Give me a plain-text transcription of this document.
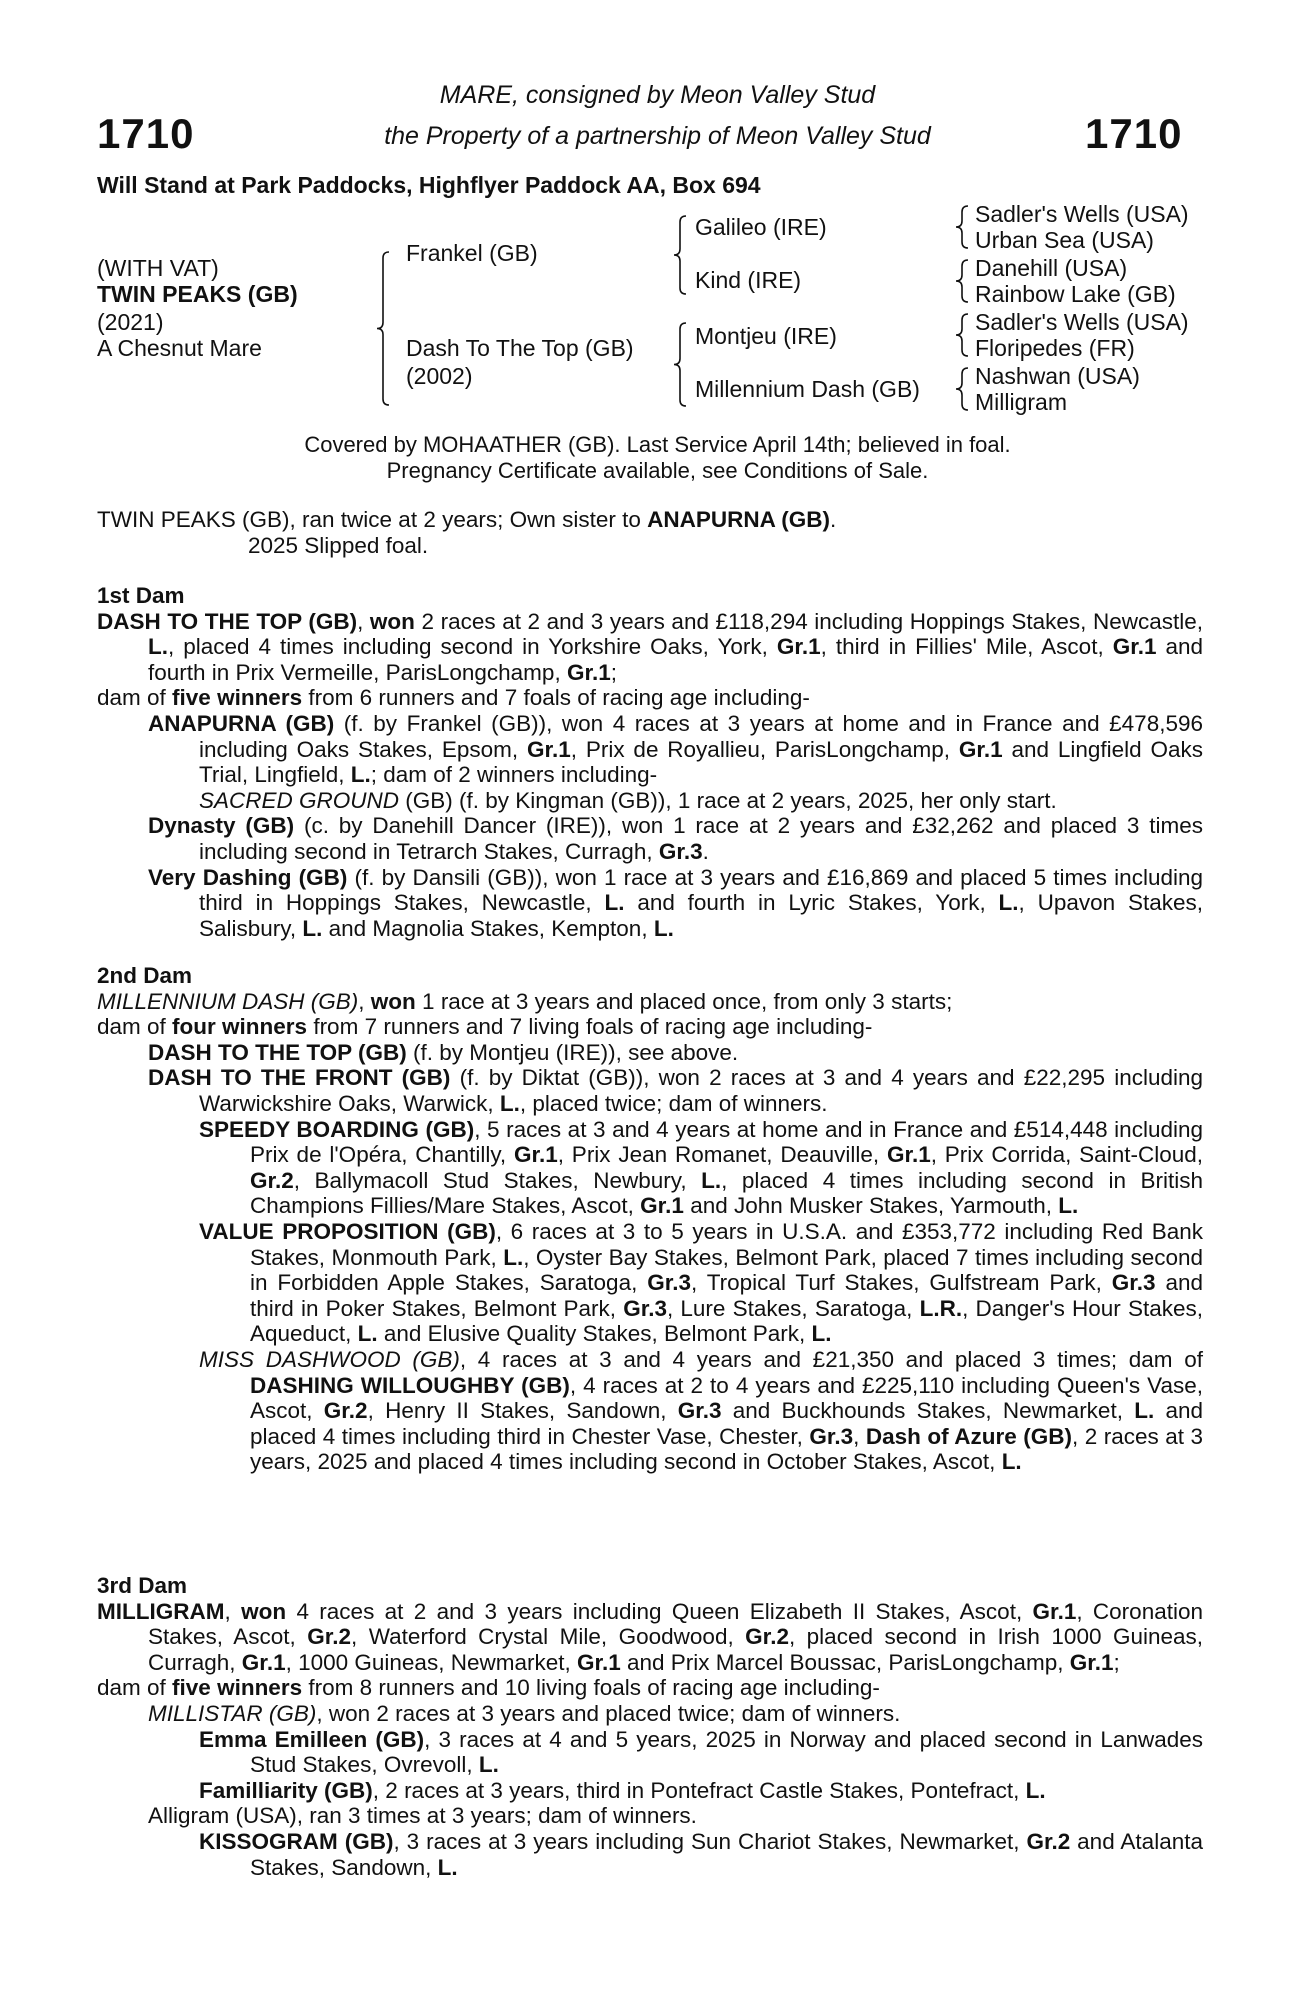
MARE, consigned by Meon Valley Stud
the Property of a partnership of Meon Valley Stud
1710	1710
Will Stand at Park Paddocks, Highflyer Paddock AA, Box 694
(WITH VAT)
TWIN PEAKS (GB)
(2021)
A Chesnut Mare
Frankel (GB)
Dash To The Top (GB)
(2002)
Galileo (IRE)
Kind (IRE)
Montjeu (IRE)
Millennium Dash (GB)
Sadler's Wells (USA)
Urban Sea (USA)
Danehill (USA)
Rainbow Lake (GB)
Sadler's Wells (USA)
Floripedes (FR)
Nashwan (USA)
Milligram
Covered by MOHAATHER (GB). Last Service April 14th; believed in foal.
Pregnancy Certificate available, see Conditions of Sale.
TWIN PEAKS (GB), ran twice at 2 years; Own sister to ANAPURNA (GB).
2025 Slipped foal.
1st Dam
DASH TO THE TOP (GB), won 2 races at 2 and 3 years and £118,294 including Hoppings Stakes, Newcastle, L., placed 4 times including second in Yorkshire Oaks, York, Gr.1, third in Fillies' Mile, Ascot, Gr.1 and fourth in Prix Vermeille, ParisLongchamp, Gr.1;
dam of five winners from 6 runners and 7 foals of racing age including-
ANAPURNA (GB) (f. by Frankel (GB)), won 4 races at 3 years at home and in France and £478,596 including Oaks Stakes, Epsom, Gr.1, Prix de Royallieu, ParisLongchamp, Gr.1 and Lingfield Oaks Trial, Lingfield, L.; dam of 2 winners including-
SACRED GROUND (GB) (f. by Kingman (GB)), 1 race at 2 years, 2025, her only start.
Dynasty (GB) (c. by Danehill Dancer (IRE)), won 1 race at 2 years and £32,262 and placed 3 times including second in Tetrarch Stakes, Curragh, Gr.3.
Very Dashing (GB) (f. by Dansili (GB)), won 1 race at 3 years and £16,869 and placed 5 times including third in Hoppings Stakes, Newcastle, L. and fourth in Lyric Stakes, York, L., Upavon Stakes, Salisbury, L. and Magnolia Stakes, Kempton, L.
2nd Dam
MILLENNIUM DASH (GB), won 1 race at 3 years and placed once, from only 3 starts;
dam of four winners from 7 runners and 7 living foals of racing age including-
DASH TO THE TOP (GB) (f. by Montjeu (IRE)), see above.
DASH TO THE FRONT (GB) (f. by Diktat (GB)), won 2 races at 3 and 4 years and £22,295 including Warwickshire Oaks, Warwick, L., placed twice; dam of winners.
SPEEDY BOARDING (GB), 5 races at 3 and 4 years at home and in France and £514,448 including Prix de l'Opéra, Chantilly, Gr.1, Prix Jean Romanet, Deauville, Gr.1, Prix Corrida, Saint-Cloud, Gr.2, Ballymacoll Stud Stakes, Newbury, L., placed 4 times including second in British Champions Fillies/Mare Stakes, Ascot, Gr.1 and John Musker Stakes, Yarmouth, L.
VALUE PROPOSITION (GB), 6 races at 3 to 5 years in U.S.A. and £353,772 including Red Bank Stakes, Monmouth Park, L., Oyster Bay Stakes, Belmont Park, placed 7 times including second in Forbidden Apple Stakes, Saratoga, Gr.3, Tropical Turf Stakes, Gulfstream Park, Gr.3 and third in Poker Stakes, Belmont Park, Gr.3, Lure Stakes, Saratoga, L.R., Danger's Hour Stakes, Aqueduct, L. and Elusive Quality Stakes, Belmont Park, L.
MISS DASHWOOD (GB), 4 races at 3 and 4 years and £21,350 and placed 3 times; dam of DASHING WILLOUGHBY (GB), 4 races at 2 to 4 years and £225,110 including Queen's Vase, Ascot, Gr.2, Henry II Stakes, Sandown, Gr.3 and Buckhounds Stakes, Newmarket, L. and placed 4 times including third in Chester Vase, Chester, Gr.3, Dash of Azure (GB), 2 races at 3 years, 2025 and placed 4 times including second in October Stakes, Ascot, L.
3rd Dam
MILLIGRAM, won 4 races at 2 and 3 years including Queen Elizabeth II Stakes, Ascot, Gr.1, Coronation Stakes, Ascot, Gr.2, Waterford Crystal Mile, Goodwood, Gr.2, placed second in Irish 1000 Guineas, Curragh, Gr.1, 1000 Guineas, Newmarket, Gr.1 and Prix Marcel Boussac, ParisLongchamp, Gr.1;
dam of five winners from 8 runners and 10 living foals of racing age including-
MILLISTAR (GB), won 2 races at 3 years and placed twice; dam of winners.
Emma Emilleen (GB), 3 races at 4 and 5 years, 2025 in Norway and placed second in Lanwades Stud Stakes, Ovrevoll, L.
Familliarity (GB), 2 races at 3 years, third in Pontefract Castle Stakes, Pontefract, L.
Alligram (USA), ran 3 times at 3 years; dam of winners.
KISSOGRAM (GB), 3 races at 3 years including Sun Chariot Stakes, Newmarket, Gr.2 and Atalanta Stakes, Sandown, L.
